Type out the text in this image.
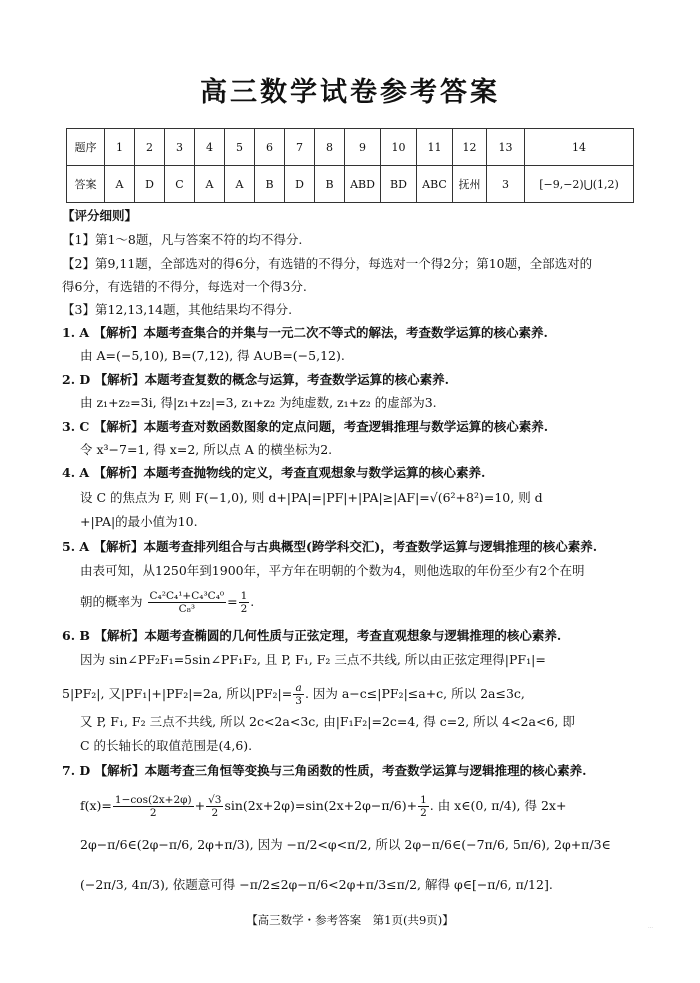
高三数学试卷参考答案
题序	1	2	3	4	5	6	7	8	9	10	11	12	13	14
答案	A	D	C	A	A	B	D	B	ABD	BD	ABC	抚州	3	[−9,−2)⋃(1,2)
【评分细则】
【1】第1～8题，凡与答案不符的均不得分.
【2】第9,11题，全部选对的得6分，有选错的不得分，每选对一个得2分；第10题，全部选对的
得6分，有选错的不得分，每选对一个得3分.
【3】第12,13,14题，其他结果均不得分.
1. A 【解析】本题考查集合的并集与一元二次不等式的解法，考查数学运算的核心素养.
由 A=(−5,10), B=(7,12), 得 A∪B=(−5,12).
2. D 【解析】本题考查复数的概念与运算，考查数学运算的核心素养.
由 z₁+z₂=3i, 得|z₁+z₂|=3, z₁+z₂ 为纯虚数, z₁+z₂ 的虚部为3.
3. C 【解析】本题考查对数函数图象的定点问题，考查逻辑推理与数学运算的核心素养.
令 x³−7=1, 得 x=2, 所以点 A 的横坐标为2.
4. A 【解析】本题考查抛物线的定义，考查直观想象与数学运算的核心素养.
设 C 的焦点为 F, 则 F(−1,0), 则 d+|PA|=|PF|+|PA|≥|AF|=√(6²+8²)=10, 则 d
+|PA|的最小值为10.
5. A 【解析】本题考查排列组合与古典概型(跨学科交汇)，考查数学运算与逻辑推理的核心素养.
由表可知，从1250年到1900年，平方年在明朝的个数为4，则他选取的年份至少有2个在明
朝的概率为 $\frac{\text{C₄²C₄¹+C₄³C₄⁰}}{\text{C₈³}} = \frac{1}{2}$ .
6. B 【解析】本题考查椭圆的几何性质与正弦定理，考查直观想象与逻辑推理的核心素养.
因为 sin∠PF₂F₁=5sin∠PF₁F₂, 且 P, F₁, F₂ 三点不共线, 所以由正弦定理得|PF₁|=
5|PF₂|, 又|PF₁|+|PF₂|=2a, 所以$|PF_2|= \frac{a}{3}$ . 因为 a−c≤|PF₂|≤a+c, 所以 2a≤3c,
又 P, F₁, F₂ 三点不共线, 所以 2c<2a<3c, 由|F₁F₂|=2c=4, 得 c=2, 所以 4<2a<6, 即
C 的长轴长的取值范围是(4,6).
7. D 【解析】本题考查三角恒等变换与三角函数的性质，考查数学运算与逻辑推理的核心素养.
$f(x)= \frac{1-\cos(2x+2\varphi)}{2} + \frac{√3}{2} \sin(2x+2\varphi)=\sin(2x+2\varphi-\pi/6)+ \frac{1}{2}$ . 由 x∈(0, π/4), 得 2x+
2φ−π/6∈(2φ−π/6, 2φ+π/3), 因为 −π/2<φ<π/2, 所以 2φ−π/6∈(−7π/6, 5π/6), 2φ+π/3∈
(−2π/3, 4π/3), 依题意可得 −π/2≤2φ−π/6<2φ+π/3≤π/2, 解得 φ∈[−π/6, π/12].
【高三数学・参考答案　第1页(共9页)】	…
